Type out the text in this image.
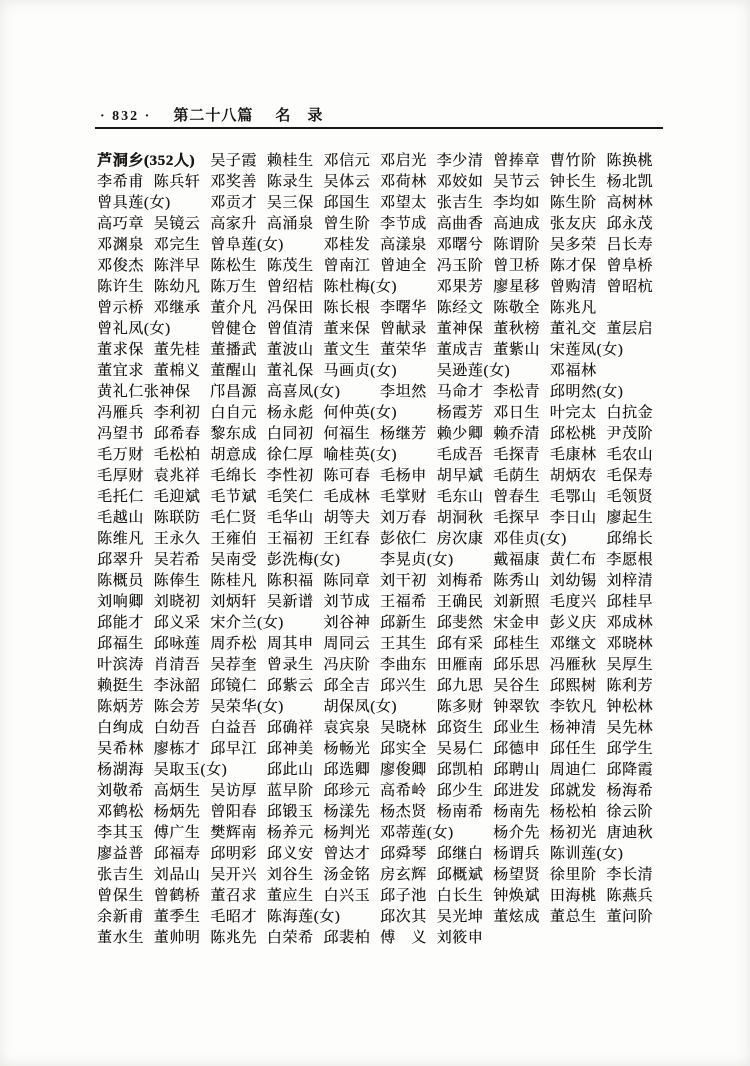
· 832 · 第二十八篇 名　录
芦洞乡(352人)	吴子霞 赖桂生 邓信元 邓启光 李少清 曾捧章 曹竹阶 陈换桃
李希甫 陈兵轩 邓奖善 陈录生 吴体云 邓荷林 邓姣如 吴节云 钟长生 杨北凯
曾具莲(女)	邓贡才 吴三保 邱国生 邓望太 张吉生 李均如 陈生阶 高树林
高巧章 吴镜云 高家升 高涌泉 曾生阶 李节成 高曲香 高迪成 张友庆 邱永茂
邓渊泉 邓完生 曾阜莲(女)	邓桂发 高漾泉 邓曙兮 陈谓阶 吴多荣 吕长寿
邓俊杰 陈泮早 陈松生 陈茂生 曾南江 曾迪全 冯玉阶 曾卫桥 陈才保 曾阜桥
陈许生 陈幼凡 陈万生 曾绍桔 陈杜梅(女)	邓果芳 廖星移 曾购清 曾昭杭
曾示桥 邓继承 董介凡 冯保田 陈长根 李曙华 陈经文 陈敬全 陈兆凡
曾礼凤(女)	曾健仓 曾值清 董来保 曾献录 董神保 董秋榜 董礼交 董层启
董求保 董先桂 董播武 董波山 董文生 董荣华 董成吉 董紫山 宋莲凤(女)
董宜求 董棉义 董醒山 董礼保 马画贞(女)	吴逊莲(女)	邓福林
黄礼仁张神保	邝昌源 高喜凤(女)	李坦然 马命才 李松青 邱明然(女)
冯雁兵 李利初 白自元 杨永彪 何仲英(女)	杨霞芳 邓日生 叶完太 白抗金
冯望书 邱希春 黎东成 白同初 何福生 杨继芳 赖少卿 赖乔清 邱松桃 尹茂阶
毛万财 毛松柏 胡意成 徐仁厚 喻桂英(女)	毛成吾 毛探青 毛康林 毛农山
毛厚财 袁兆祥 毛绵长 李性初 陈可春 毛杨申 胡早斌 毛荫生 胡炳农 毛保寿
毛托仁 毛迎斌 毛节斌 毛笑仁 毛成林 毛掌财 毛东山 曾春生 毛鄂山 毛领贤
毛越山 陈联防 毛仁贤 毛华山 胡等夫 刘万春 胡洞秋 毛探早 李日山 廖起生
陈维凡 王永久 王雍伯 王福初 王红春 彭依仁 房次康 邓佳贞(女)	邱绵长
邱翠升 吴若希 吴南受 彭洗梅(女)	李晃贞(女)	戴福康 黄仁布 李愿根
陈概员 陈俸生 陈桂凡 陈积福 陈同章 刘干初 刘梅希 陈秀山 刘幼锡 刘梓清
刘响卿 刘晓初 刘炳轩 吴新谱 刘节成 王福希 王确民 刘新照 毛度兴 邱桂早
邱能才 邱义采 宋介兰(女)	刘谷神 邱新生 邱斐然 宋金申 彭义庆 邓成林
邱福生 邱咏莲 周乔松 周其申 周同云 王其生 邱有采 邱桂生 邓继文 邓晓林
叶滨涛 肖清吾 吴荐奎 曾录生 冯庆阶 李曲东 田雁南 邱乐思 冯雁秋 吴厚生
赖挺生 李泳韶 邱镜仁 邱紫云 邱全吉 邱兴生 邱九思 吴谷生 邱熙树 陈利芳
陈炳芳 陈会芳 吴荣华(女)	胡保凤(女)	陈多财 钟翠钦 李钦凡 钟松林
白绚成 白幼吾 白益吾 邱确祥 袁宾泉 吴晓林 邱资生 邱业生 杨神清 吴先林
吴希林 廖栋才 邱早江 邱神美 杨畅光 邱实全 吴易仁 邱德申 邱任生 邱学生
杨湖海 吴取玉(女)	邱此山 邱选卿 廖俊卿 邱凯柏 邱聘山 周迪仁 邱降霞
刘敬希 高炳生 吴访厚 蓝早阶 邱珍元 高希岭 邱少生 邱进发 邱就发 杨海希
邓鹤松 杨炳先 曾阳春 邱锻玉 杨漾先 杨杰贤 杨南希 杨南先 杨松柏 徐云阶
李其玉 傅广生 樊辉南 杨养元 杨判光 邓蒂莲(女)	杨介先 杨初光 唐迪秋
廖益普 邱福寿 邱明彩 邱义安 曾达才 邱舜琴 邱继白 杨谓兵 陈训莲(女)
张吉生 刘品山 吴开兴 刘谷生 汤金铭 房玄辉 邱概斌 杨望贤 徐里阶 李长清
曾保生 曾鹤桥 董召求 董应生 白兴玉 邱子池 白长生 钟焕斌 田海桃 陈燕兵
余新甫 董季生 毛昭才 陈海莲(女)	邱次其 吴光坤 董炫成 董总生 董问阶
董水生 董帅明 陈兆先 白荣希 邱裴柏 傅　义 刘筱申
